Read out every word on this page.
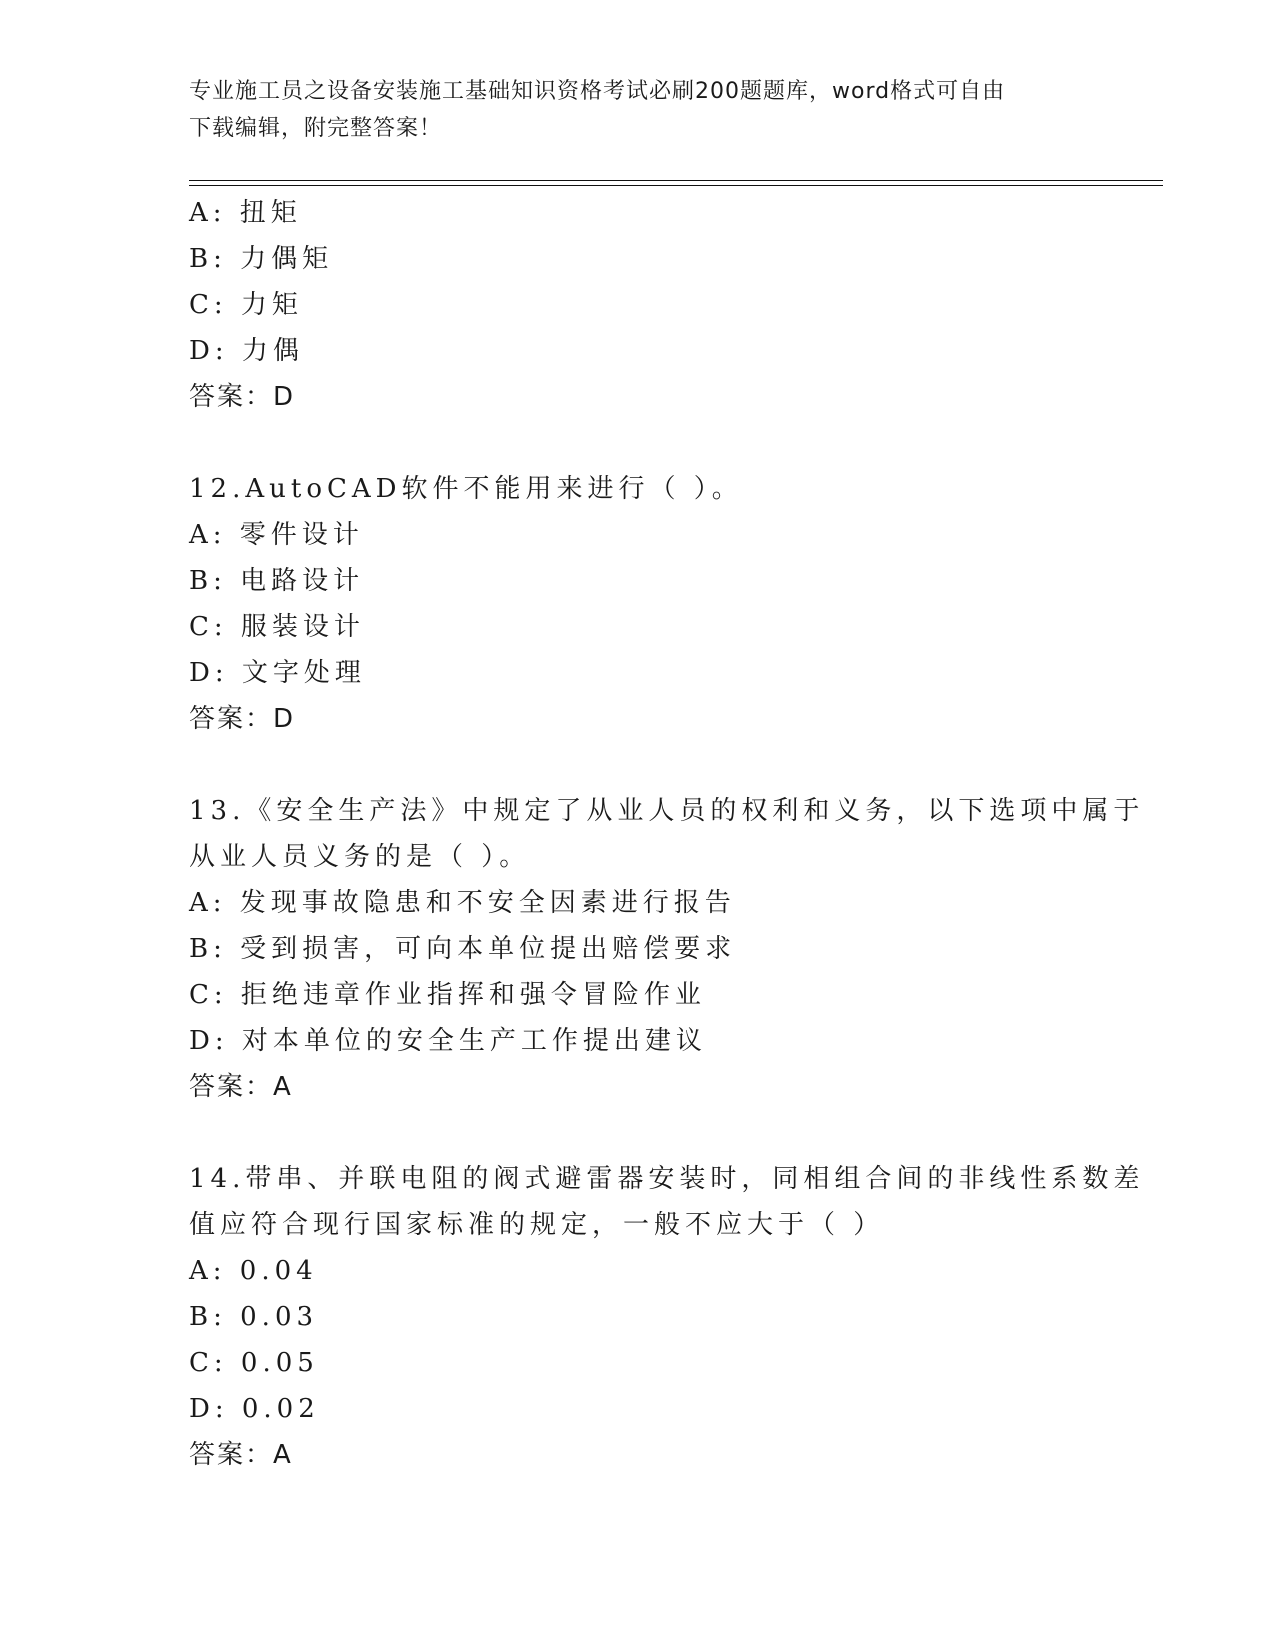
专业施工员之设备安装施工基础知识资格考试必刷200题题库，word格式可自由
下载编辑，附完整答案！
A: 扭矩
B: 力偶矩
C: 力矩
D: 力偶
答案：D
12.AutoCAD软件不能用来进行（ ）。
A: 零件设计
B: 电路设计
C: 服装设计
D: 文字处理
答案：D
13.《安全生产法》中规定了从业人员的权利和义务，以下选项中属于
从业人员义务的是（ ）。
A: 发现事故隐患和不安全因素进行报告
B: 受到损害，可向本单位提出赔偿要求
C: 拒绝违章作业指挥和强令冒险作业
D: 对本单位的安全生产工作提出建议
答案：A
14.带串、并联电阻的阀式避雷器安装时，同相组合间的非线性系数差
值应符合现行国家标准的规定，一般不应大于（ ）
A: 0.04
B: 0.03
C: 0.05
D: 0.02
答案：A
